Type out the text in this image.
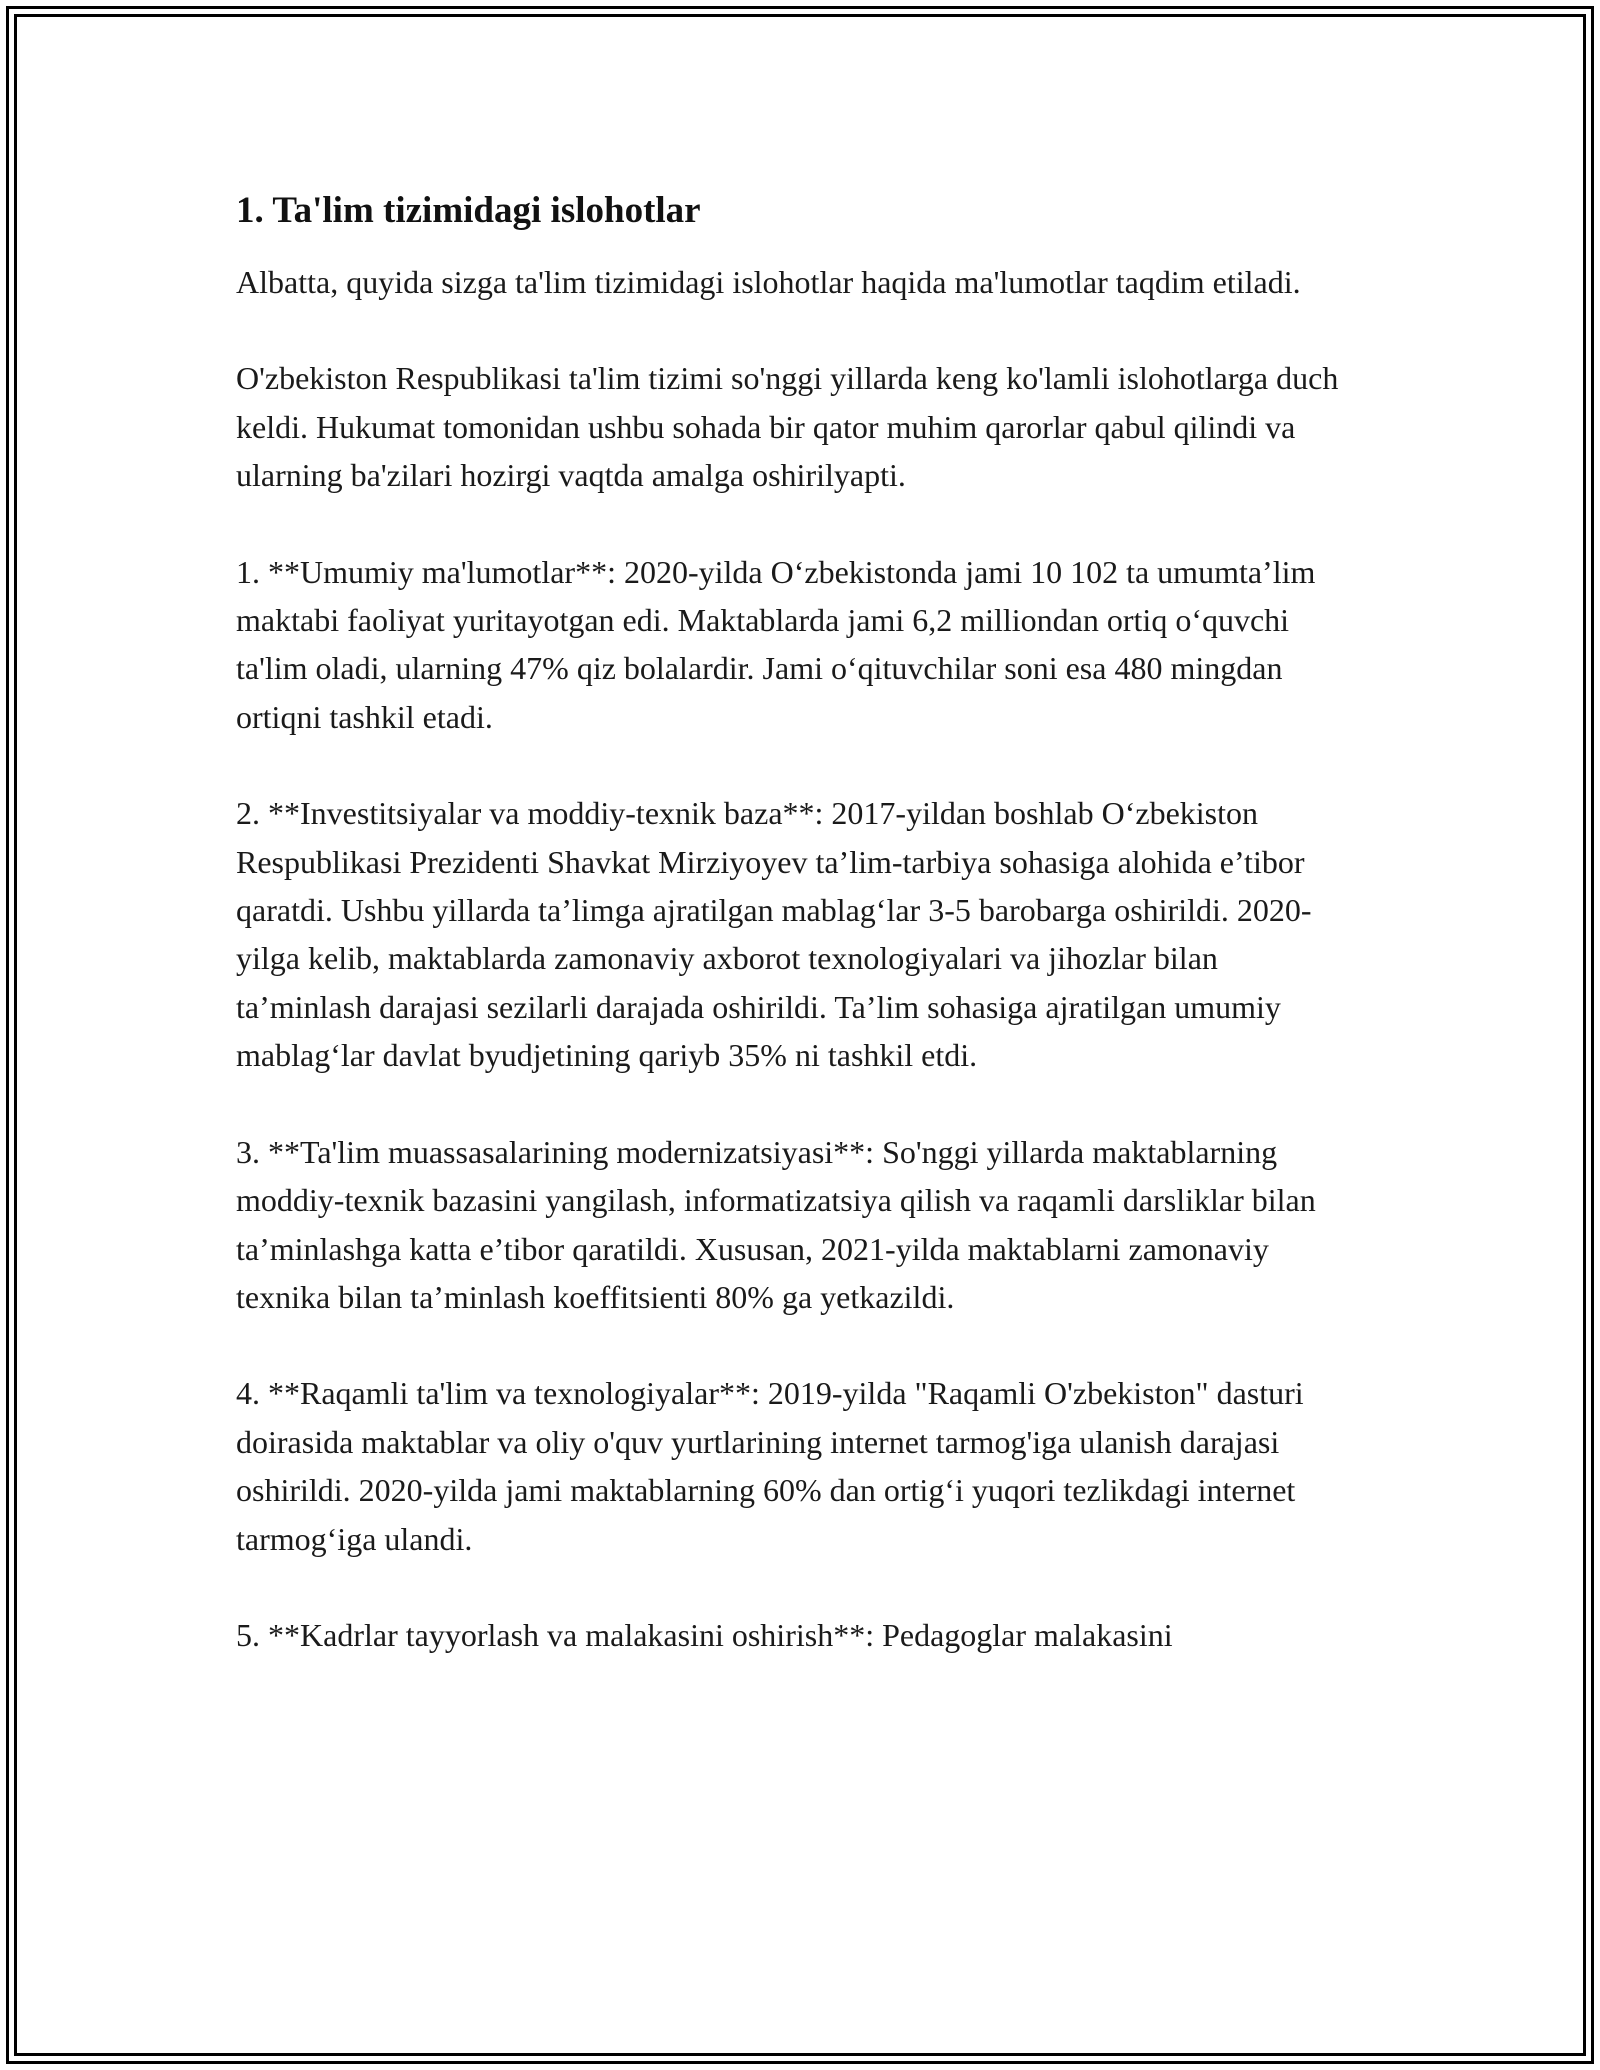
1. Ta'lim tizimidagi islohotlar

Albatta, quyida sizga ta'lim tizimidagi islohotlar haqida ma'lumotlar taqdim etiladi.

O'zbekiston Respublikasi ta'lim tizimi so'nggi yillarda keng ko'lamli islohotlarga duch keldi. Hukumat tomonidan ushbu sohada bir qator muhim qarorlar qabul qilindi va ularning ba'zilari hozirgi vaqtda amalga oshirilyapti.

1. **Umumiy ma'lumotlar**: 2020-yilda O‘zbekistonda jami 10 102 ta umumta’lim maktabi faoliyat yuritayotgan edi. Maktablarda jami 6,2 milliondan ortiq o‘quvchi ta'lim oladi, ularning 47% qiz bolalardir. Jami o‘qituvchilar soni esa 480 mingdan ortiqni tashkil etadi.

2. **Investitsiyalar va moddiy-texnik baza**: 2017-yildan boshlab O‘zbekiston Respublikasi Prezidenti Shavkat Mirziyoyev ta’lim-tarbiya sohasiga alohida e’tibor qaratdi. Ushbu yillarda ta’limga ajratilgan mablag‘lar 3-5 barobarga oshirildi. 2020-yilga kelib, maktablarda zamonaviy axborot texnologiyalari va jihozlar bilan ta’minlash darajasi sezilarli darajada oshirildi. Ta’lim sohasiga ajratilgan umumiy mablag‘lar davlat byudjetining qariyb 35% ni tashkil etdi.

3. **Ta'lim muassasalarining modernizatsiyasi**: So'nggi yillarda maktablarning moddiy-texnik bazasini yangilash, informatizatsiya qilish va raqamli darsliklar bilan ta’minlashga katta e’tibor qaratildi. Xususan, 2021-yilda maktablarni zamonaviy texnika bilan ta’minlash koeffitsienti 80% ga yetkazildi.

4. **Raqamli ta'lim va texnologiyalar**: 2019-yilda "Raqamli O'zbekiston" dasturi doirasida maktablar va oliy o'quv yurtlarining internet tarmog'iga ulanish darajasi oshirildi. 2020-yilda jami maktablarning 60% dan ortig‘i yuqori tezlikdagi internet tarmog‘iga ulandi.

5. **Kadrlar tayyorlash va malakasini oshirish**: Pedagoglar malakasini
